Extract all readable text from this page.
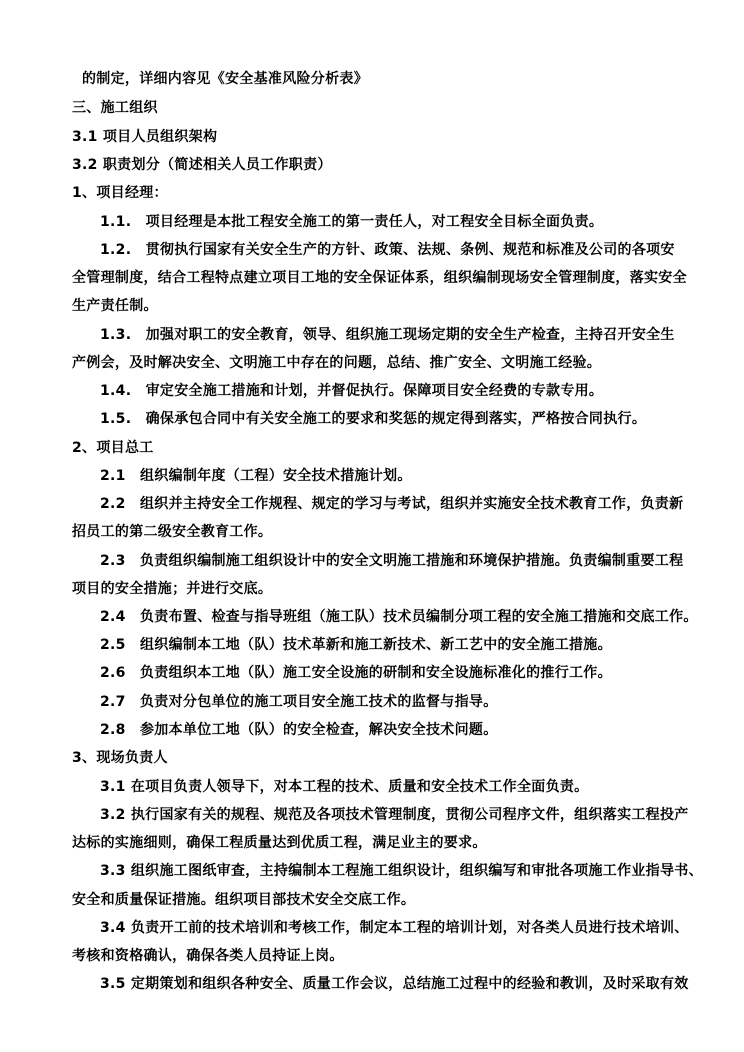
的制定，详细内容见《安全基准风险分析表》
三、施工组织
3.1 项目人员组织架构
3.2 职责划分（简述相关人员工作职责）
1、项目经理：
1.1.　项目经理是本批工程安全施工的第一责任人，对工程安全目标全面负责。
1.2.　贯彻执行国家有关安全生产的方针、政策、法规、条例、规范和标准及公司的各项安
全管理制度，结合工程特点建立项目工地的安全保证体系，组织编制现场安全管理制度，落实安全
生产责任制。
1.3.　加强对职工的安全教育，领导、组织施工现场定期的安全生产检查，主持召开安全生
产例会，及时解决安全、文明施工中存在的问题，总结、推广安全、文明施工经验。
1.4.　审定安全施工措施和计划，并督促执行。保障项目安全经费的专款专用。
1.5.　确保承包合同中有关安全施工的要求和奖惩的规定得到落实，严格按合同执行。
2、项目总工
2.1　组织编制年度（工程）安全技术措施计划。
2.2　组织并主持安全工作规程、规定的学习与考试，组织并实施安全技术教育工作，负责新
招员工的第二级安全教育工作。
2.3　负责组织编制施工组织设计中的安全文明施工措施和环境保护措施。负责编制重要工程
项目的安全措施；并进行交底。
2.4　负责布置、检查与指导班组（施工队）技术员编制分项工程的安全施工措施和交底工作。
2.5　组织编制本工地（队）技术革新和施工新技术、新工艺中的安全施工措施。
2.6　负责组织本工地（队）施工安全设施的研制和安全设施标准化的推行工作。
2.7　负责对分包单位的施工项目安全施工技术的监督与指导。
2.8　参加本单位工地（队）的安全检查，解决安全技术问题。
3、现场负责人
3.1 在项目负责人领导下，对本工程的技术、质量和安全技术工作全面负责。
3.2 执行国家有关的规程、规范及各项技术管理制度，贯彻公司程序文件，组织落实工程投产
达标的实施细则，确保工程质量达到优质工程，满足业主的要求。
3.3 组织施工图纸审查，主持编制本工程施工组织设计，组织编写和审批各项施工作业指导书、
安全和质量保证措施。组织项目部技术安全交底工作。
3.4 负责开工前的技术培训和考核工作，制定本工程的培训计划，对各类人员进行技术培训、
考核和资格确认，确保各类人员持证上岗。
3.5 定期策划和组织各种安全、质量工作会议，总结施工过程中的经验和教训，及时采取有效
